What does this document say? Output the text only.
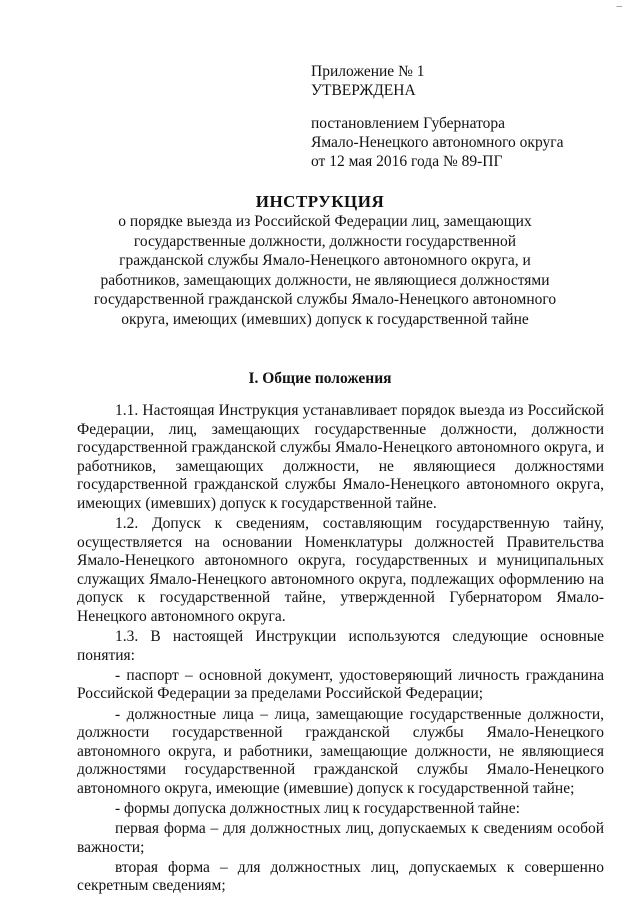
–
Приложение № 1
УТВЕРЖДЕНА
постановлением Губернатора
Ямало-Ненецкого автономного округа
от 12 мая 2016 года № 89-ПГ
ИНСТРУКЦИЯ
о порядке выезда из Российской Федерации лиц, замещающих государственные должности, должности государственной гражданской службы Ямало-Ненецкого автономного округа, и работников, замещающих должности, не являющиеся должностями государственной гражданской службы Ямало-Ненецкого автономного округа, имеющих (имевших) допуск к государственной тайне
I. Общие положения

1.1. Настоящая Инструкция устанавливает порядок выезда из Российской Федерации, лиц, замещающих государственные должности, должности государственной гражданской службы Ямало-Ненецкого автономного округа, и работников, замещающих должности, не являющиеся должностями государственной гражданской службы Ямало-Ненецкого автономного округа, имеющих (имевших) допуск к государственной тайне.

1.2. Допуск к сведениям, составляющим государственную тайну, осуществляется на основании Номенклатуры должностей Правительства Ямало-Ненецкого автономного округа, государственных и муниципальных служащих Ямало-Ненецкого автономного округа, подлежащих оформлению на допуск к государственной тайне, утвержденной Губернатором Ямало-Ненецкого автономного округа.

1.3. В настоящей Инструкции используются следующие основные понятия:

- паспорт – основной документ, удостоверяющий личность гражданина Российской Федерации за пределами Российской Федерации;

- должностные лица – лица, замещающие государственные должности, должности государственной гражданской службы Ямало-Ненецкого автономного округа, и работники, замещающие должности, не являющиеся должностями государственной гражданской службы Ямало-Ненецкого автономного округа, имеющие (имевшие) допуск к государственной тайне;

- формы допуска должностных лиц к государственной тайне:

первая форма – для должностных лиц, допускаемых к сведениям особой важности;

вторая форма – для должностных лиц, допускаемых к совершенно секретным сведениям;
